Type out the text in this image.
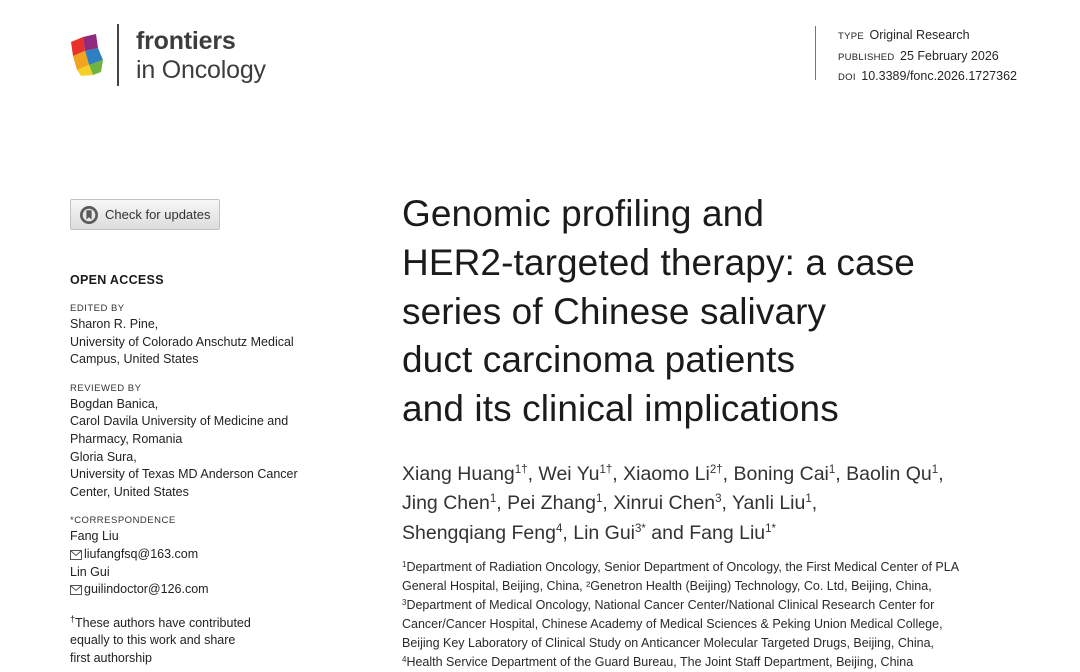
frontiers
in Oncology
TYPE Original Research
PUBLISHED 25 February 2026
DOI 10.3389/fonc.2026.1727362
Check for updates
OPEN ACCESS
EDITED BY
Sharon R. Pine,
University of Colorado Anschutz Medical
Campus, United States
REVIEWED BY
Bogdan Banica,
Carol Davila University of Medicine and
Pharmacy, Romania
Gloria Sura,
University of Texas MD Anderson Cancer
Center, United States
*CORRESPONDENCE
Fang Liu
liufangfsq@163.com
Lin Gui
guilindoctor@126.com
†These authors have contributed
equally to this work and share
first authorship
Genomic profiling and
HER2-targeted therapy: a case
series of Chinese salivary
duct carcinoma patients
and its clinical implications
Xiang Huang$^{1\dagger}$, Wei $Yu^{1\dagger}$, Xiaomo $Li^{2\dagger}$, Boning Cai$^1$, Baolin Qu$^1$,
Jing Chen$^1$, Pei Zhang$^1$, Xinrui Chen$^3$, Yanli Liu$^1$,
Shengqiang Feng$^4$, Lin Gui$^{3*}$ and Fang Liu$^{1*}$
$^1$Department of Radiation Oncology, Senior Department of Oncology, the First Medical Center of PLA
General Hospital, Beijing, China, ²Genetron Health (Beijing) Technology, Co. Ltd, Beijing, China,
$^3$Department of Medical Oncology, National Cancer Center/National Clinical Research Center for
Cancer/Cancer Hospital, Chinese Academy of Medical Sciences & Peking Union Medical College,
Beijing Key Laboratory of Clinical Study on Anticancer Molecular Targeted Drugs, Beijing, China,
$^4$Health Service Department of the Guard Bureau, The Joint Staff Department, Beijing, China
